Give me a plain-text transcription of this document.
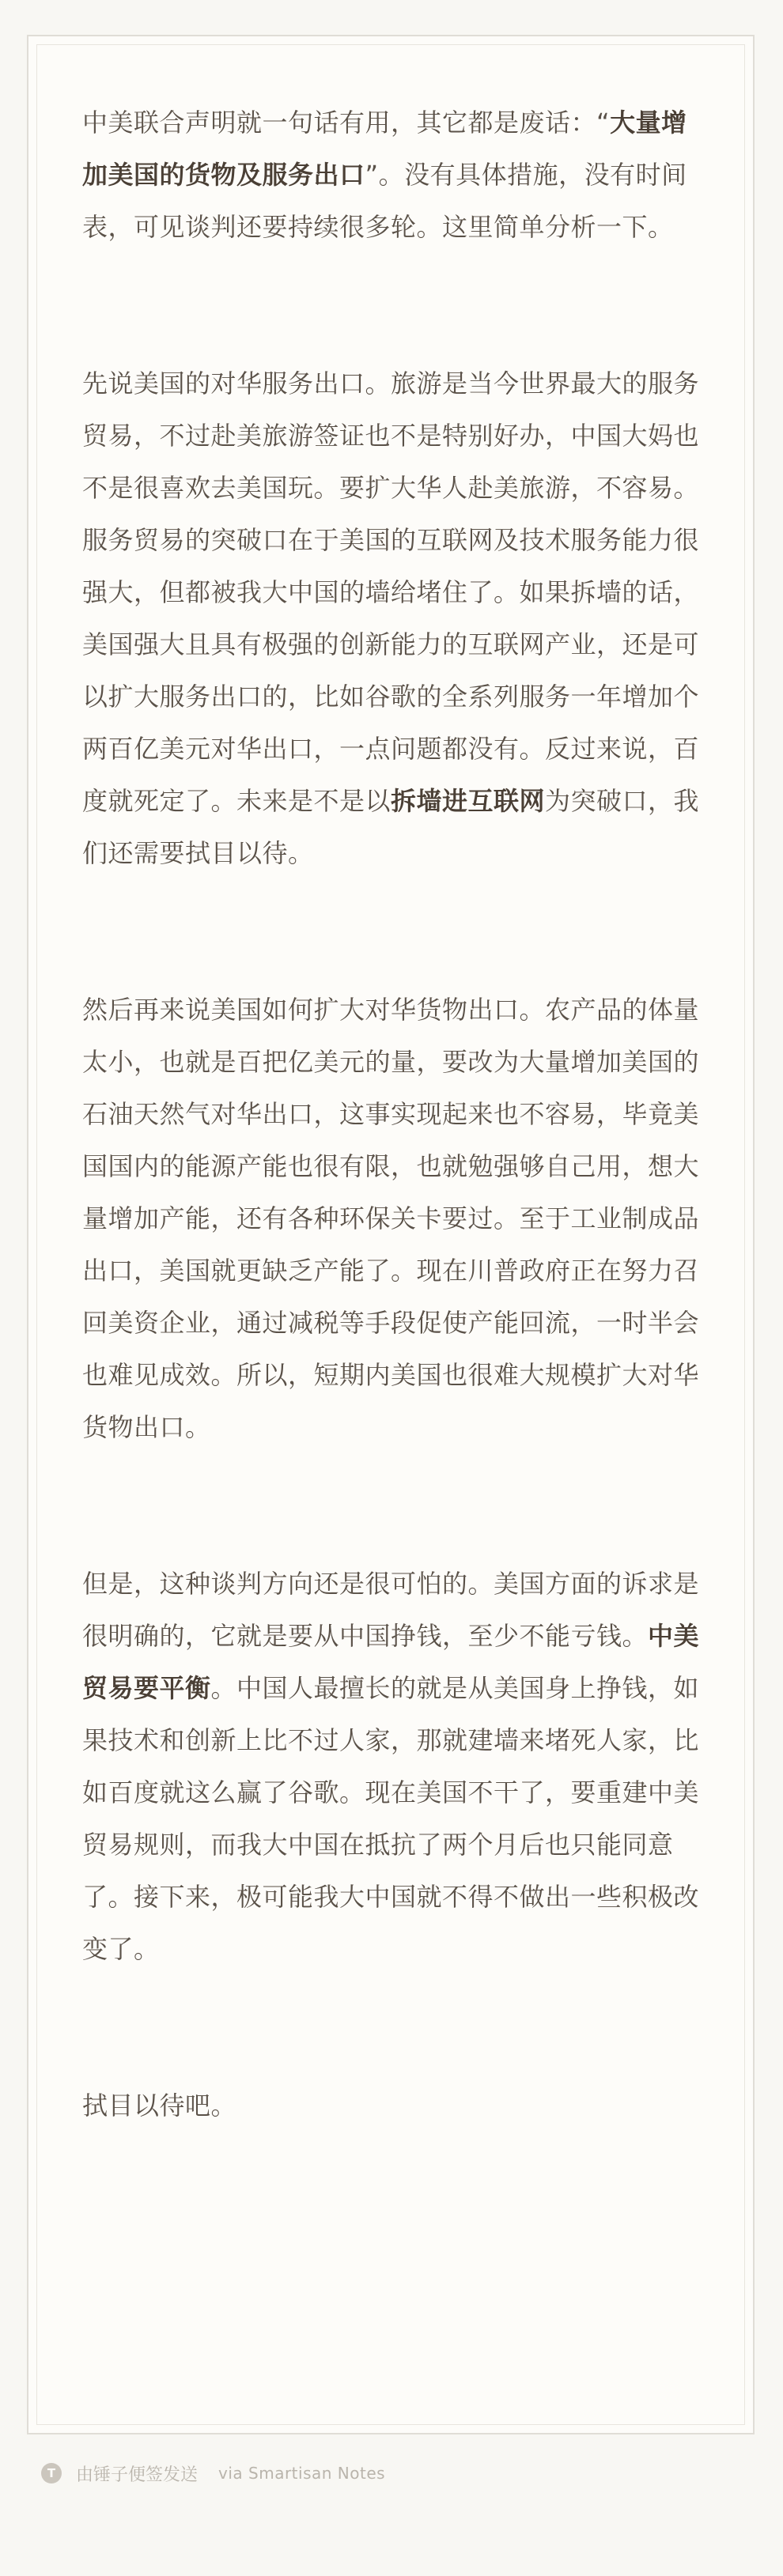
中美联合声明就一句话有用，其它都是废话：“大量增加美国的货物及服务出口”。没有具体措施，没有时间表，可见谈判还要持续很多轮。这里简单分析一下。

先说美国的对华服务出口。旅游是当今世界最大的服务贸易，不过赴美旅游签证也不是特别好办，中国大妈也不是很喜欢去美国玩。要扩大华人赴美旅游，不容易。服务贸易的突破口在于美国的互联网及技术服务能力很强大，但都被我大中国的墙给堵住了。如果拆墙的话，美国强大且具有极强的创新能力的互联网产业，还是可以扩大服务出口的，比如谷歌的全系列服务一年增加个两百亿美元对华出口，一点问题都没有。反过来说，百度就死定了。未来是不是以拆墙进互联网为突破口，我们还需要拭目以待。

然后再来说美国如何扩大对华货物出口。农产品的体量太小，也就是百把亿美元的量，要改为大量增加美国的石油天然气对华出口，这事实现起来也不容易，毕竟美国国内的能源产能也很有限，也就勉强够自己用，想大量增加产能，还有各种环保关卡要过。至于工业制成品出口，美国就更缺乏产能了。现在川普政府正在努力召回美资企业，通过减税等手段促使产能回流，一时半会也难见成效。所以，短期内美国也很难大规模扩大对华货物出口。

但是，这种谈判方向还是很可怕的。美国方面的诉求是很明确的，它就是要从中国挣钱，至少不能亏钱。中美贸易要平衡。中国人最擅长的就是从美国身上挣钱，如果技术和创新上比不过人家，那就建墙来堵死人家，比如百度就这么赢了谷歌。现在美国不干了，要重建中美贸易规则，而我大中国在抵抗了两个月后也只能同意了。接下来，极可能我大中国就不得不做出一些积极改变了。

拭目以待吧。

T	由锤子便签发送 via Smartisan Notes
